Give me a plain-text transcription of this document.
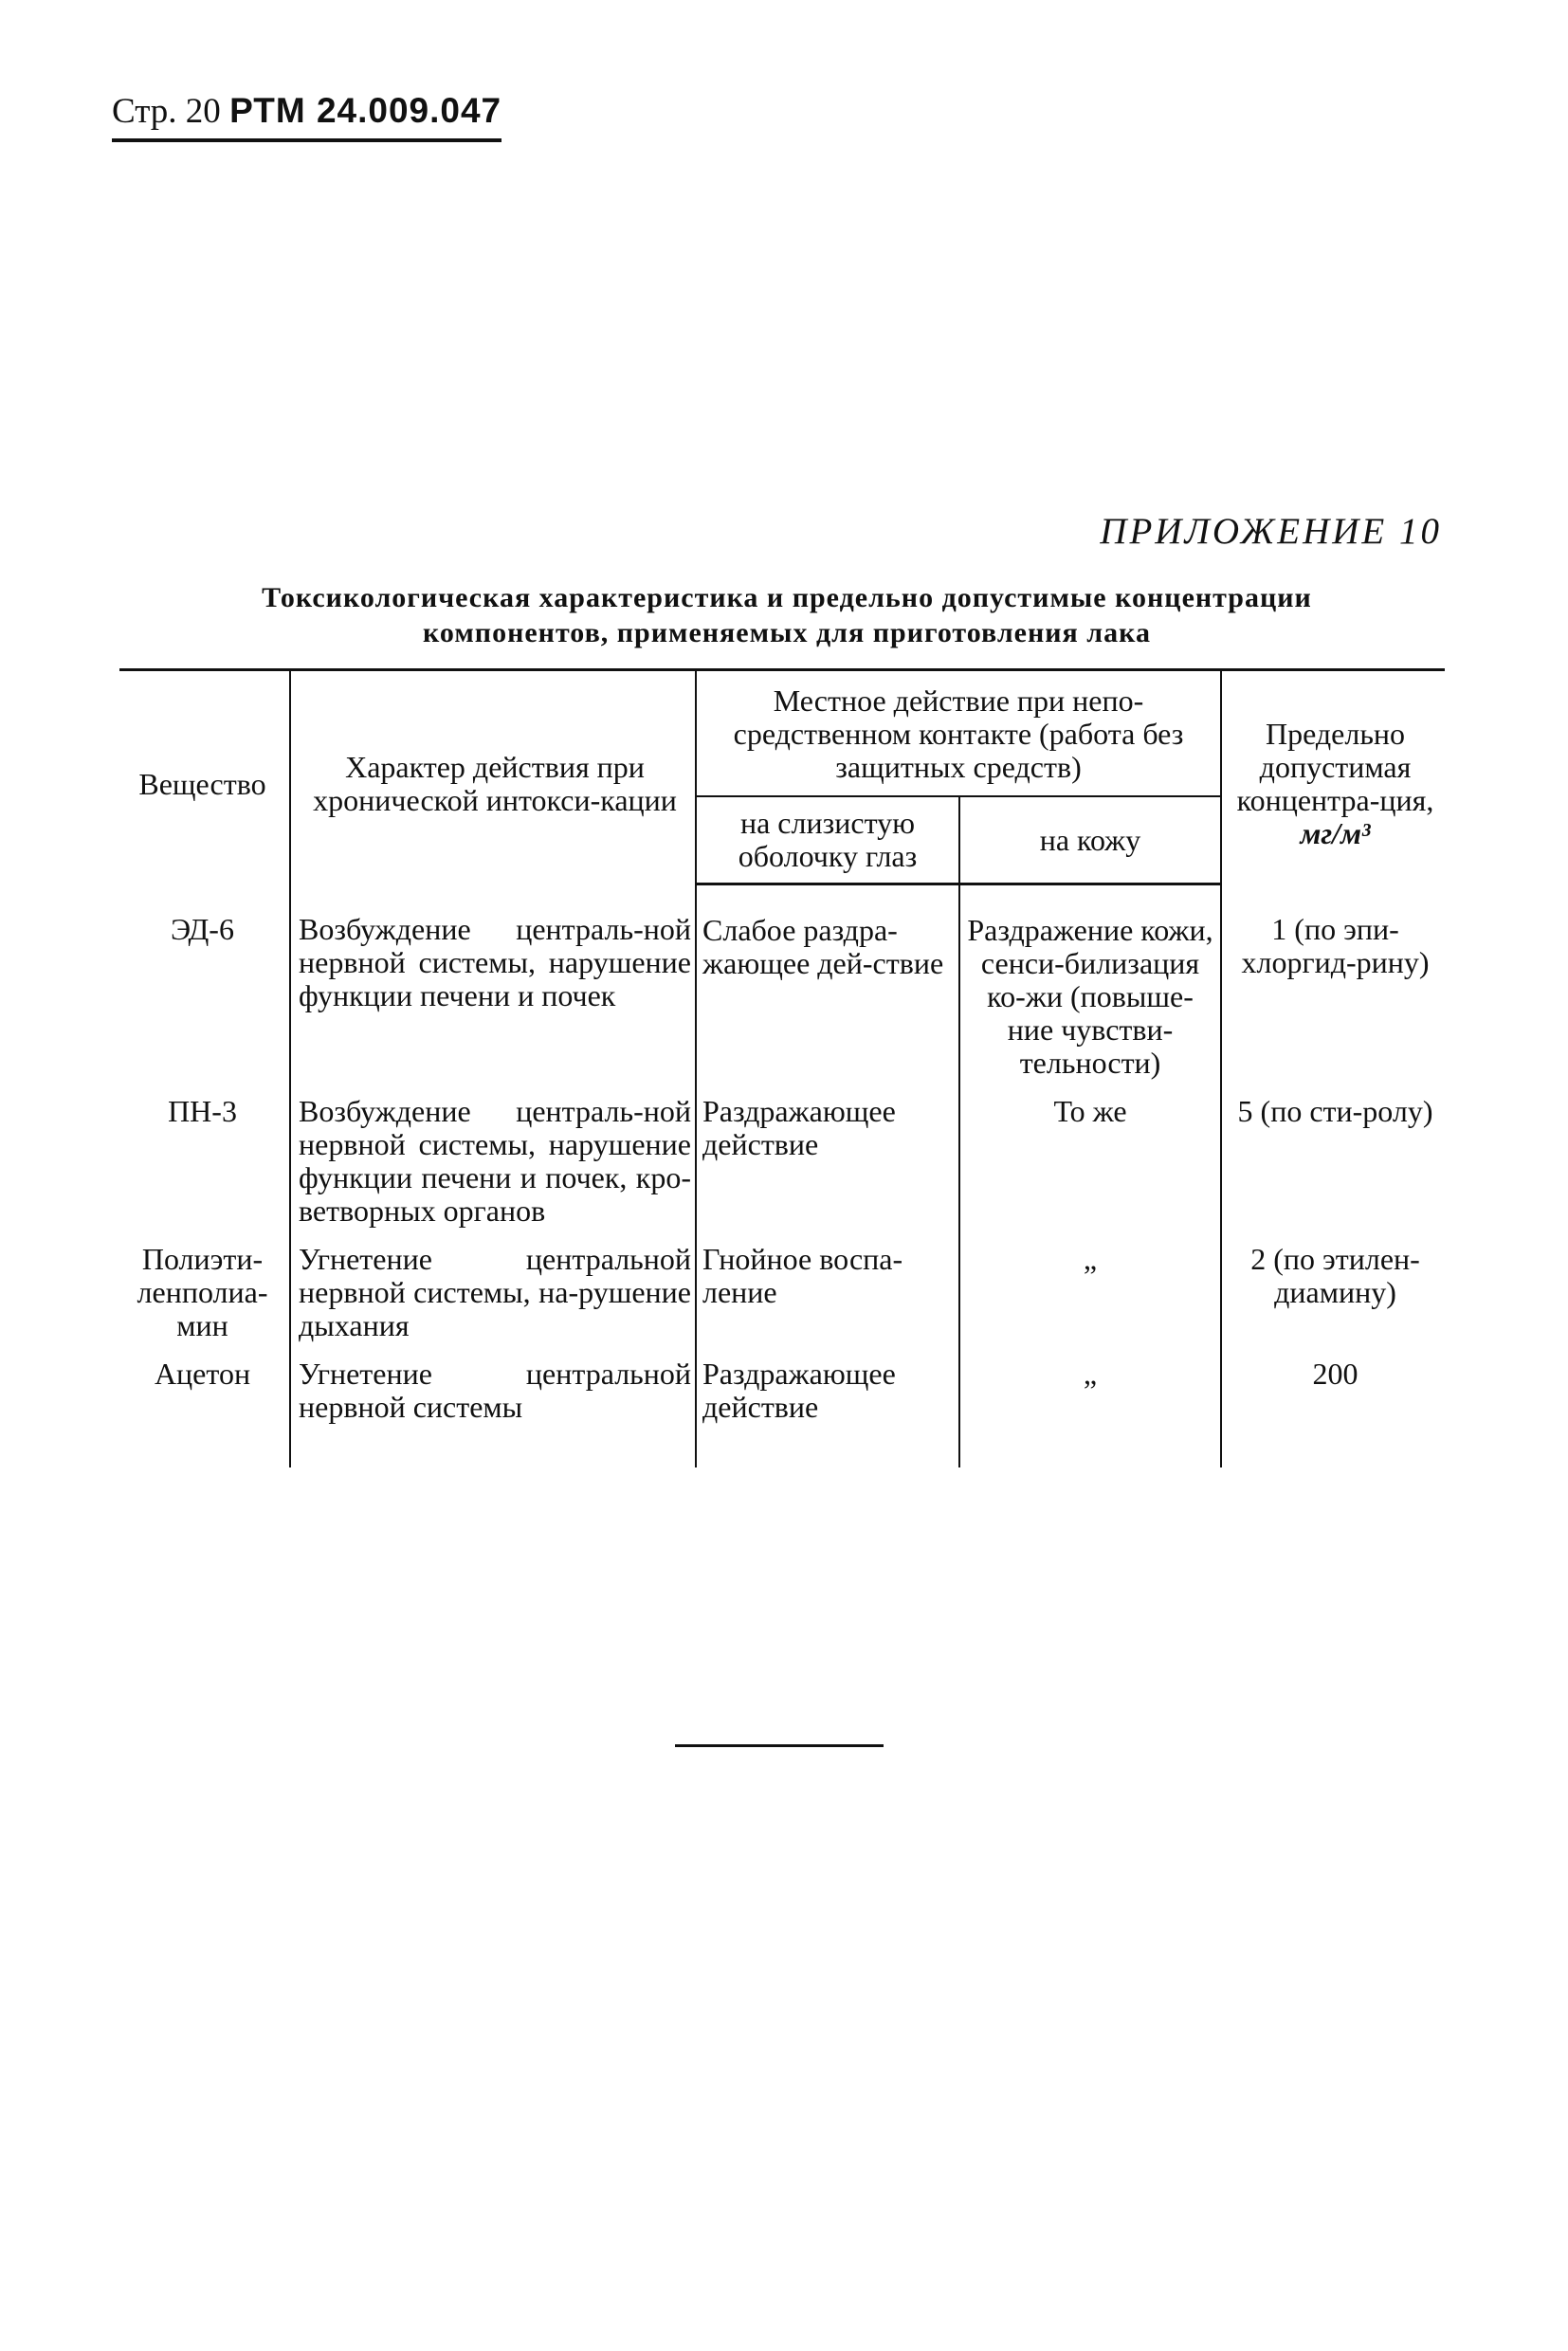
Стр. 20 РТМ 24.009.047
ПРИЛОЖЕНИЕ 10
Токсикологическая характеристика и предельно допустимые концентрации
компонентов, применяемых для приготовления лака
Вещество	Характер действия при хронической интокси-кации	Местное действие при непо-средственном контакте (работа без защитных средств)		Предельно допустимая концентра-ция,
мг/м³
		на слизистую оболочку глаз	на кожу	
ЭД-6	Возбуждение централь-ной нервной системы, нарушение функции печени и почек	Слабое раздра-жающее дей-ствие	Раздражение кожи, сенси-билизация ко-жи (повыше-ние чувстви-тельности)	1 (по эпи-хлоргид-рину)
ПН-3	Возбуждение централь-ной нервной системы, нарушение функции печени и почек, кро-ветворных органов	Раздражающее действие	То же	5 (по сти-ролу)
Полиэти-ленполиа-мин	Угнетение центральной нервной системы, на-рушение дыхания	Гнойное воспа-ление	„	2 (по этилен-диамину)
Ацетон	Угнетение центральной нервной системы	Раздражающее действие	„	200
